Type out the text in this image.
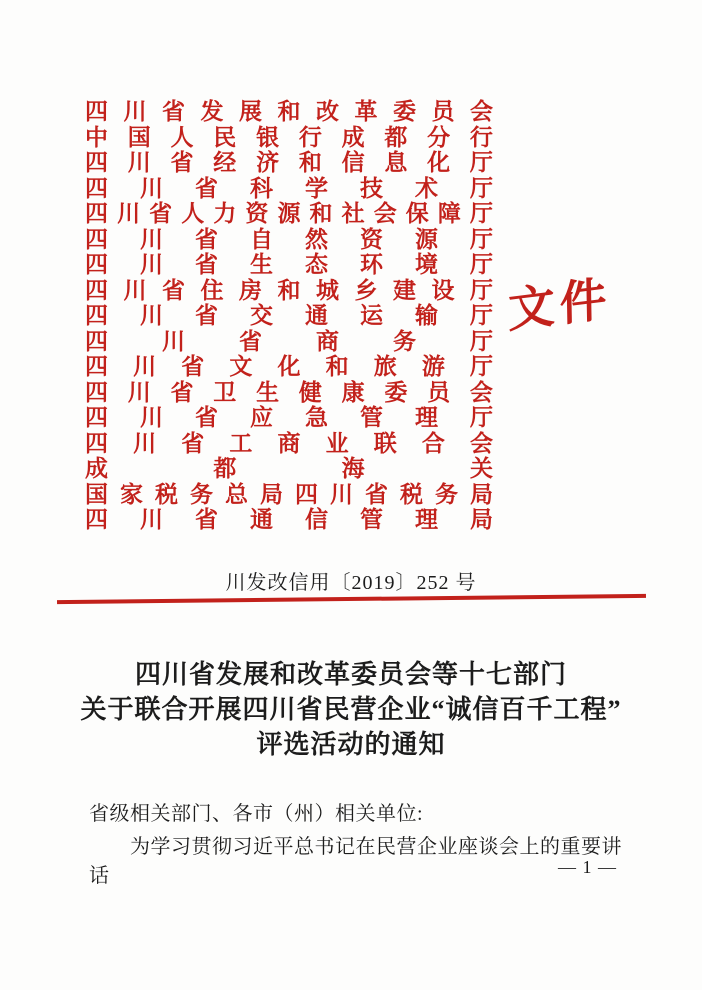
四 川 省 发 展 和 改 革 委 员 会
中 国 人 民 银 行 成 都 分 行
四 川 省 经 济 和 信 息 化 厅
四 川 省 科 学 技 术 厅
四 川 省 人 力 资 源 和 社 会 保 障 厅
四 川 省 自 然 资 源 厅
四 川 省 生 态 环 境 厅
四 川 省 住 房 和 城 乡 建 设 厅
四 川 省 交 通 运 输 厅
四 川 省 商 务 厅
四 川 省 文 化 和 旅 游 厅
四 川 省 卫 生 健 康 委 员 会
四 川 省 应 急 管 理 厅
四 川 省 工 商 业 联 合 会
成	都	海	关
国 家 税 务 总 局 四 川 省 税 务 局
四 川 省 通 信 管 理 局
文件
川发改信用〔2019〕252 号
四川省发展和改革委员会等十七部门
关于联合开展四川省民营企业“诚信百千工程”
评选活动的通知
省级相关部门、各市（州）相关单位:

为学习贯彻习近平总书记在民营企业座谈会上的重要讲话	— 1 —
